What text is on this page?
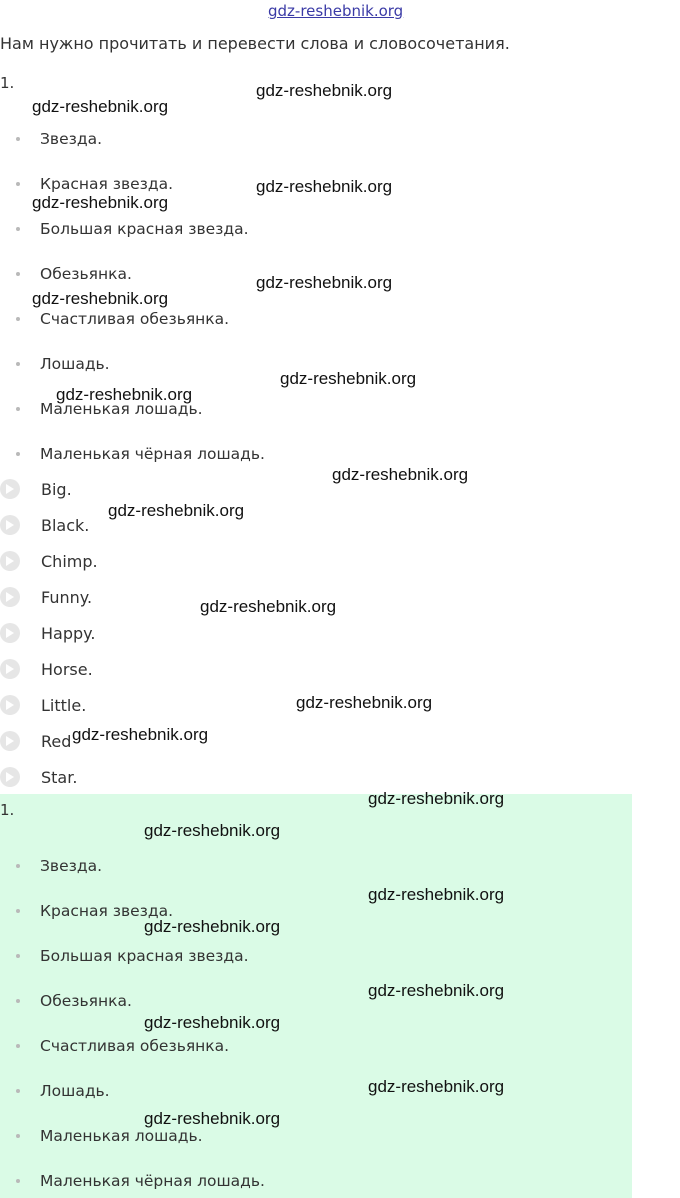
gdz-reshebnik.org
Нам нужно прочитать и перевести слова и словосочетания.
1.
Звезда.
Красная звезда.
Большая красная звезда.
Обезьянка.
Счастливая обезьянка.
Лошадь.
Маленькая лошадь.
Маленькая чёрная лошадь.
Big.
Black.
Chimp.
Funny.
Happy.
Horse.
Little.
Red
Star.
1.
Звезда.
Красная звезда.
Большая красная звезда.
Обезьянка.
Счастливая обезьянка.
Лошадь.
Маленькая лошадь.
Маленькая чёрная лошадь.
gdz-reshebnik.org
gdz-reshebnik.org
gdz-reshebnik.org
gdz-reshebnik.org
gdz-reshebnik.org
gdz-reshebnik.org
gdz-reshebnik.org
gdz-reshebnik.org
gdz-reshebnik.org
gdz-reshebnik.org
gdz-reshebnik.org
gdz-reshebnik.org
gdz-reshebnik.org
gdz-reshebnik.org
gdz-reshebnik.org
gdz-reshebnik.org
gdz-reshebnik.org
gdz-reshebnik.org
gdz-reshebnik.org
gdz-reshebnik.org
gdz-reshebnik.org
